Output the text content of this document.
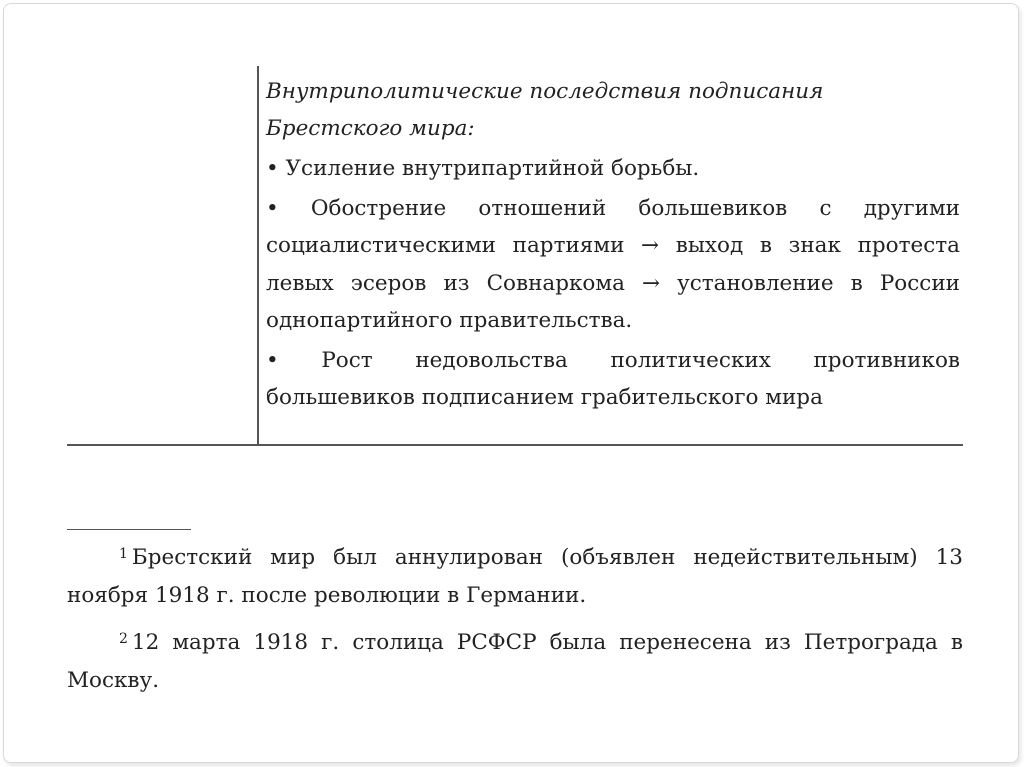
Внутриполитические последствия подписания Брестского мира:

• Усиление внутрипартийной борьбы.

• Обострение отношений большевиков с другими социалистическими партиями → выход в знак протеста левых эсеров из Совнаркома → установление в России однопартийного правительства.

• Рост недовольства политических противников большевиков подписанием грабительского мира

$^1$ Брестский мир был аннулирован (объявлен недействительным) 13 ноября 1918 г. после революции в Германии.

$^2$ 12 марта 1918 г. столица РСФСР была перенесена из Петрограда в Москву.
